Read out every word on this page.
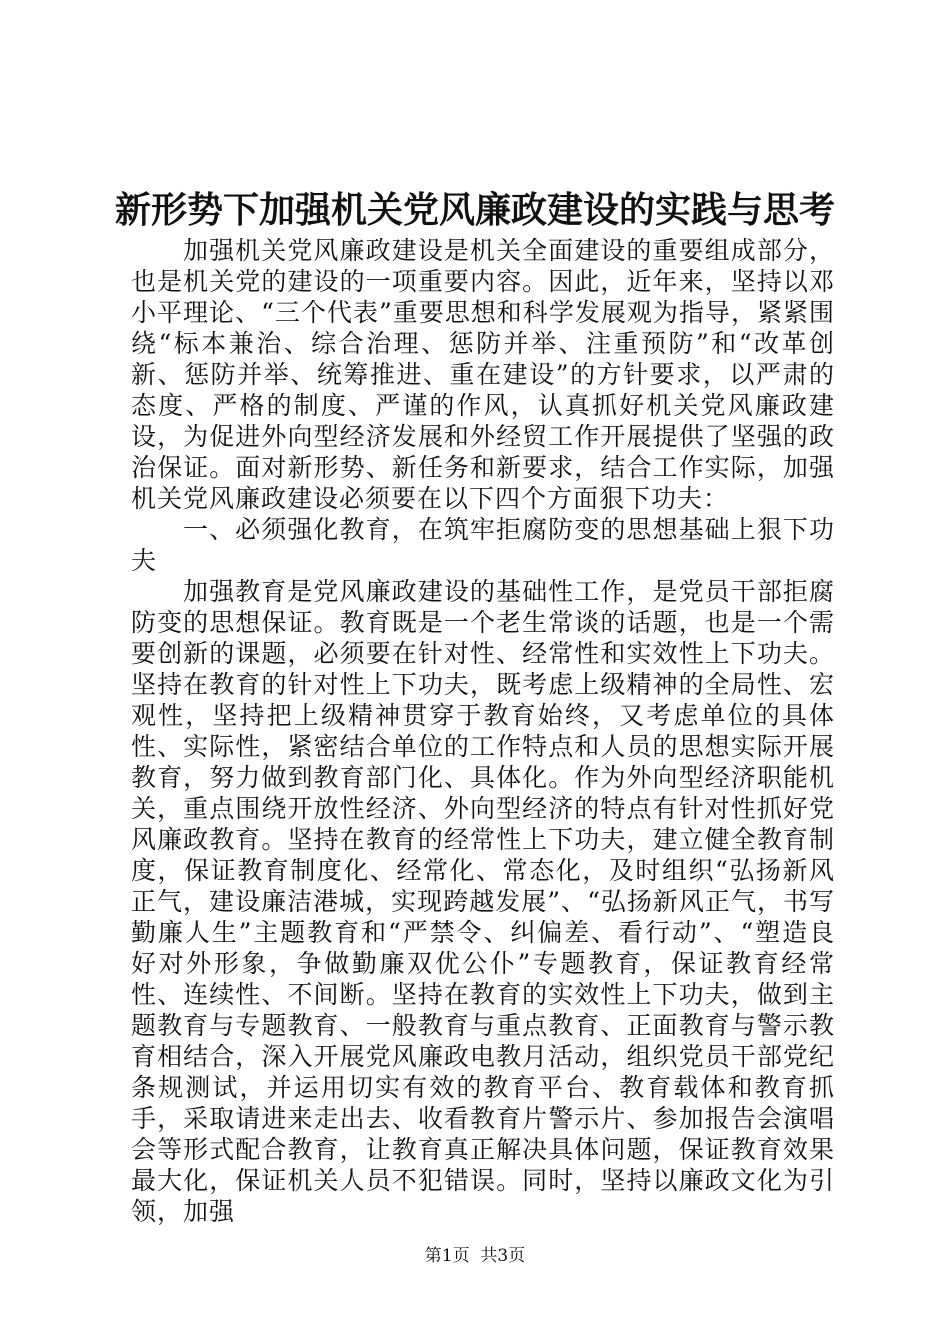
新形势下加强机关党风廉政建设的实践与思考

加强机关党风廉政建设是机关全面建设的重要组成部分，也是机关党的建设的一项重要内容。因此，近年来，坚持以邓小平理论、“三个代表”重要思想和科学发展观为指导，紧紧围绕“标本兼治、综合治理、惩防并举、注重预防”和“改革创新、惩防并举、统筹推进、重在建设”的方针要求，以严肃的态度、严格的制度、严谨的作风，认真抓好机关党风廉政建设，为促进外向型经济发展和外经贸工作开展提供了坚强的政治保证。面对新形势、新任务和新要求，结合工作实际，加强机关党风廉政建设必须要在以下四个方面狠下功夫：

一、必须强化教育，在筑牢拒腐防变的思想基础上狠下功夫

加强教育是党风廉政建设的基础性工作，是党员干部拒腐防变的思想保证。教育既是一个老生常谈的话题，也是一个需要创新的课题，必须要在针对性、经常性和实效性上下功夫。坚持在教育的针对性上下功夫，既考虑上级精神的全局性、宏观性，坚持把上级精神贯穿于教育始终，又考虑单位的具体性、实际性，紧密结合单位的工作特点和人员的思想实际开展教育，努力做到教育部门化、具体化。作为外向型经济职能机关，重点围绕开放性经济、外向型经济的特点有针对性抓好党风廉政教育。坚持在教育的经常性上下功夫，建立健全教育制度，保证教育制度化、经常化、常态化，及时组织“弘扬新风正气，建设廉洁港城，实现跨越发展”、“弘扬新风正气，书写勤廉人生”主题教育和“严禁令、纠偏差、看行动”、“塑造良好对外形象，争做勤廉双优公仆”专题教育，保证教育经常性、连续性、不间断。坚持在教育的实效性上下功夫，做到主题教育与专题教育、一般教育与重点教育、正面教育与警示教育相结合，深入开展党风廉政电教月活动，组织党员干部党纪条规测试，并运用切实有效的教育平台、教育载体和教育抓手，采取请进来走出去、收看教育片警示片、参加报告会演唱会等形式配合教育，让教育真正解决具体问题，保证教育效果最大化，保证机关人员不犯错误。同时，坚持以廉政文化为引领，加强

第1页 共3页
